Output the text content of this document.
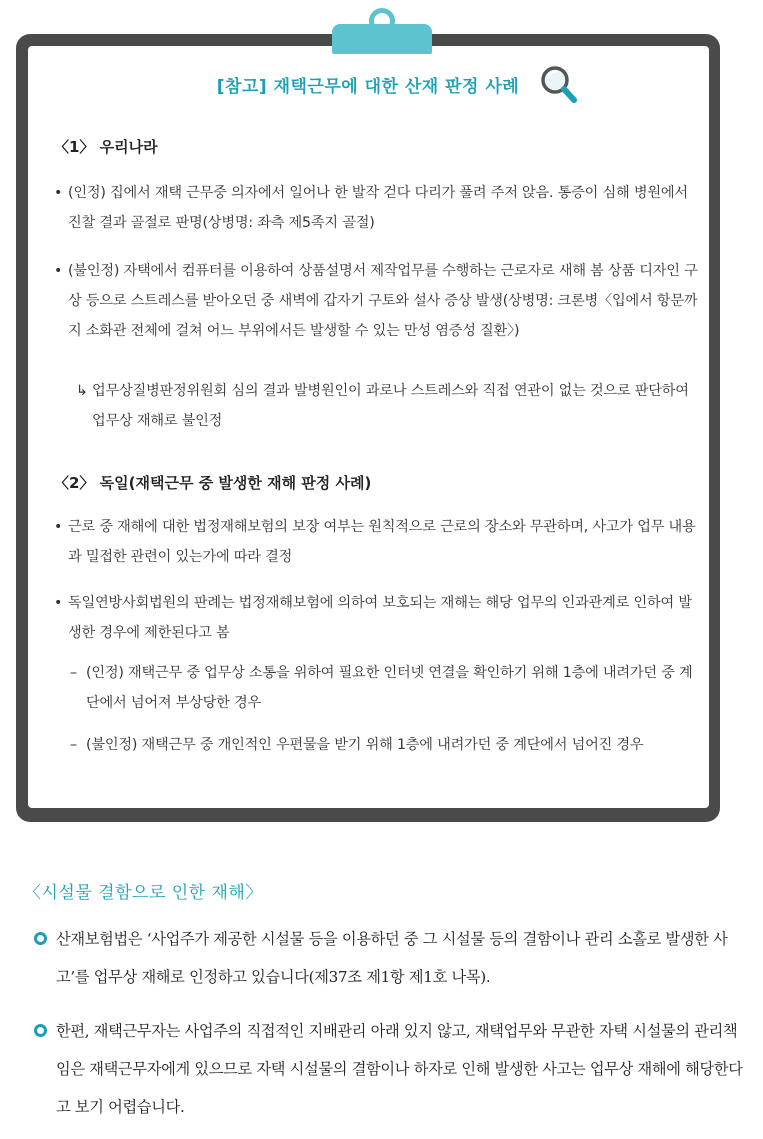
[참고] 재택근무에 대한 산재 판정 사례
〈1〉 우리나라
• (인정) 집에서 재택 근무중 의자에서 일어나 한 발작 걷다 다리가 풀려 주저 앉음. 통증이 심해 병원에서 진찰 결과 골절로 판명(상병명: 좌측 제5족지 골절)
• (불인정) 자택에서 컴퓨터를 이용하여 상품설명서 제작업무를 수행하는 근로자로 새해 봄 상품 디자인 구상 등으로 스트레스를 받아오던 중 새벽에 갑자기 구토와 설사 증상 발생(상병명: 크론병〈입에서 항문까지 소화관 전체에 걸쳐 어느 부위에서든 발생할 수 있는 만성 염증성 질환〉)
↳ 업무상질병판정위원회 심의 결과 발병원인이 과로나 스트레스와 직접 연관이 없는 것으로 판단하여 업무상 재해로 불인정
〈2〉 독일(재택근무 중 발생한 재해 판정 사례)
• 근로 중 재해에 대한 법정재해보험의 보장 여부는 원칙적으로 근로의 장소와 무관하며, 사고가 업무 내용과 밀접한 관련이 있는가에 따라 결정
• 독일연방사회법원의 판례는 법정재해보험에 의하여 보호되는 재해는 해당 업무의 인과관계로 인하여 발생한 경우에 제한된다고 봄
– (인정) 재택근무 중 업무상 소통을 위하여 필요한 인터넷 연결을 확인하기 위해 1층에 내려가던 중 계단에서 넘어져 부상당한 경우
– (불인정) 재택근무 중 개인적인 우편물을 받기 위해 1층에 내려가던 중 계단에서 넘어진 경우
〈시설물 결함으로 인한 재해〉
산재보험법은 ‘사업주가 제공한 시설물 등을 이용하던 중 그 시설물 등의 결함이나 관리 소홀로 발생한 사고’를 업무상 재해로 인정하고 있습니다(제37조 제1항 제1호 나목).
한편, 재택근무자는 사업주의 직접적인 지배관리 아래 있지 않고, 재택업무와 무관한 자택 시설물의 관리책임은 재택근무자에게 있으므로 자택 시설물의 결함이나 하자로 인해 발생한 사고는 업무상 재해에 해당한다고 보기 어렵습니다.
